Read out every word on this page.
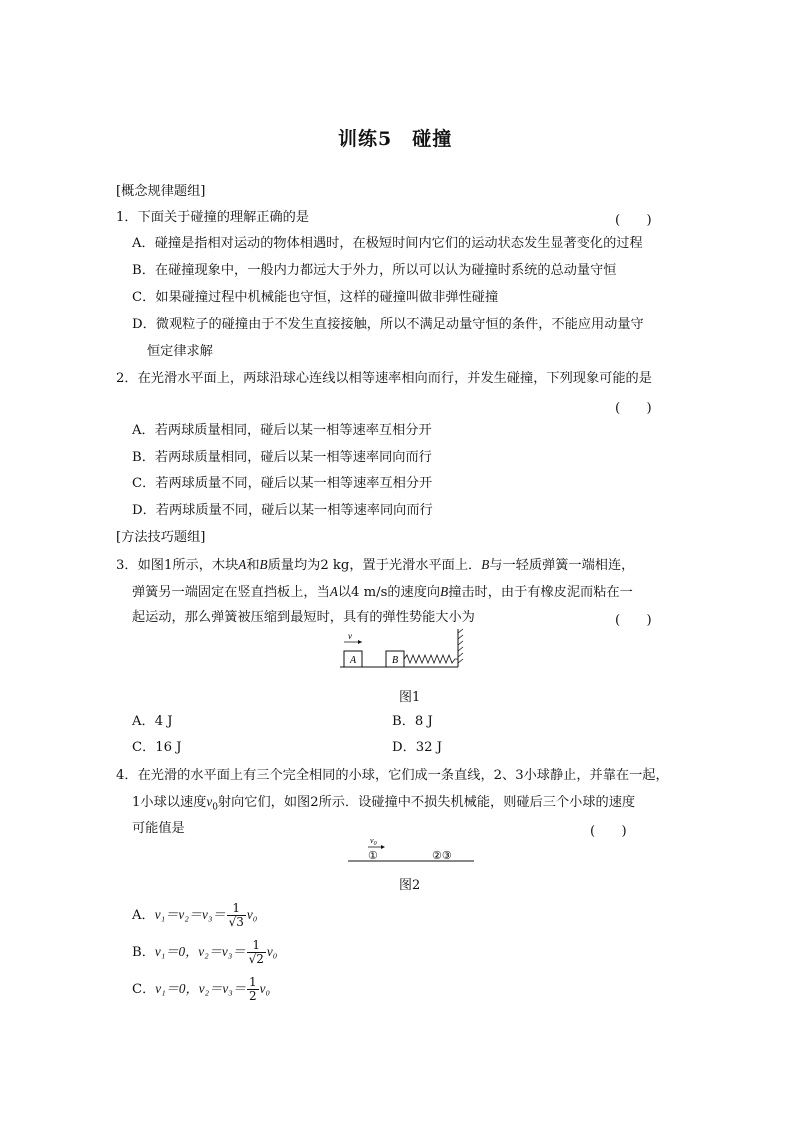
训练5　碰撞
[概念规律题组]
1．下面关于碰撞的理解正确的是	(　　)
A．碰撞是指相对运动的物体相遇时，在极短时间内它们的运动状态发生显著变化的过程
B．在碰撞现象中，一般内力都远大于外力，所以可以认为碰撞时系统的总动量守恒
C．如果碰撞过程中机械能也守恒，这样的碰撞叫做非弹性碰撞
D．微观粒子的碰撞由于不发生直接接触，所以不满足动量守恒的条件，不能应用动量守
恒定律求解
2．在光滑水平面上，两球沿球心连线以相等速率相向而行，并发生碰撞，下列现象可能的是
(　　)
A．若两球质量相同，碰后以某一相等速率互相分开
B．若两球质量相同，碰后以某一相等速率同向而行
C．若两球质量不同，碰后以某一相等速率互相分开
D．若两球质量不同，碰后以某一相等速率同向而行
[方法技巧题组]
3．如图1所示，木块A和B质量均为2 kg，置于光滑水平面上．B与一轻质弹簧一端相连，
弹簧另一端固定在竖直挡板上，当A以4 m/s的速度向B撞击时，由于有橡皮泥而粘在一
起运动，那么弹簧被压缩到最短时，具有的弹性势能大小为	(　　)
A
v
B
图1
A．4 J	B．8 J
C．16 J	D．32 J
4．在光滑的水平面上有三个完全相同的小球，它们成一条直线，2、3小球静止，并靠在一起，
1小球以速度$v_0$射向它们，如图2所示．设碰撞中不损失机械能，则碰后三个小球的速度
可能值是	(　　)
$v_0$
①	②③
图2
A．$v_1=v_2=v_3= \frac{1}{√3} v_0$
B．v₁＝0，$v_2=v_3= \frac{1}{√2} v_0$
C．v₁＝0，$v_2=v_3= \frac{1}{2} v_0$
